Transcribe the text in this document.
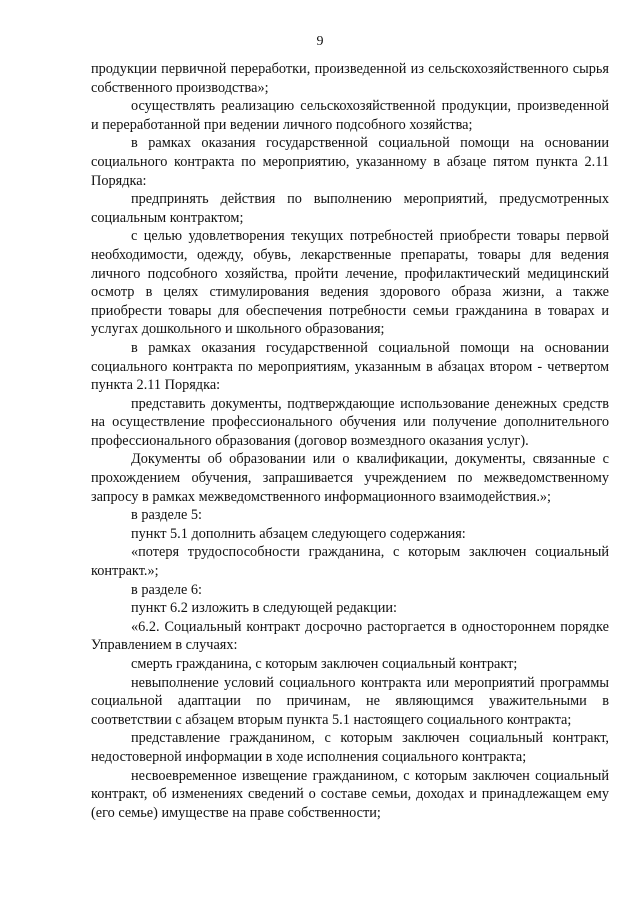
9

продукции первичной переработки, произведенной из сельскохозяйственного сырья собственного производства»;

осуществлять реализацию сельскохозяйственной продукции, произведенной и переработанной при ведении личного подсобного хозяйства;

в рамках оказания государственной социальной помощи на основании социального контракта по мероприятию, указанному в абзаце пятом пункта 2.11 Порядка:

предпринять действия по выполнению мероприятий, предусмотренных социальным контрактом;

с целью удовлетворения текущих потребностей приобрести товары первой необходимости, одежду, обувь, лекарственные препараты, товары для ведения личного подсобного хозяйства, пройти лечение, профилактический медицинский осмотр в целях стимулирования ведения здорового образа жизни, а также приобрести товары для обеспечения потребности семьи гражданина в товарах и услугах дошкольного и школьного образования;

в рамках оказания государственной социальной помощи на основании социального контракта по мероприятиям, указанным в абзацах втором - четвертом пункта 2.11 Порядка:

представить документы, подтверждающие использование денежных средств на осуществление профессионального обучения или получение дополнительного профессионального образования (договор возмездного оказания услуг).

Документы об образовании или о квалификации, документы, связанные с прохождением обучения, запрашивается учреждением по межведомственному запросу в рамках межведомственного информационного взаимодействия.»;

в разделе 5:

пункт 5.1 дополнить абзацем следующего содержания:

«потеря трудоспособности гражданина, с которым заключен социальный контракт.»;

в разделе 6:

пункт 6.2 изложить в следующей редакции:

«6.2. Социальный контракт досрочно расторгается в одностороннем порядке Управлением в случаях:

смерть гражданина, с которым заключен социальный контракт;

невыполнение условий социального контракта или мероприятий программы социальной адаптации по причинам, не являющимся уважительными в соответствии с абзацем вторым пункта 5.1 настоящего социального контракта;

представление гражданином, с которым заключен социальный контракт, недостоверной информации в ходе исполнения социального контракта;

несвоевременное извещение гражданином, с которым заключен социальный контракт, об изменениях сведений о составе семьи, доходах и принадлежащем ему (его семье) имуществе на праве собственности;
